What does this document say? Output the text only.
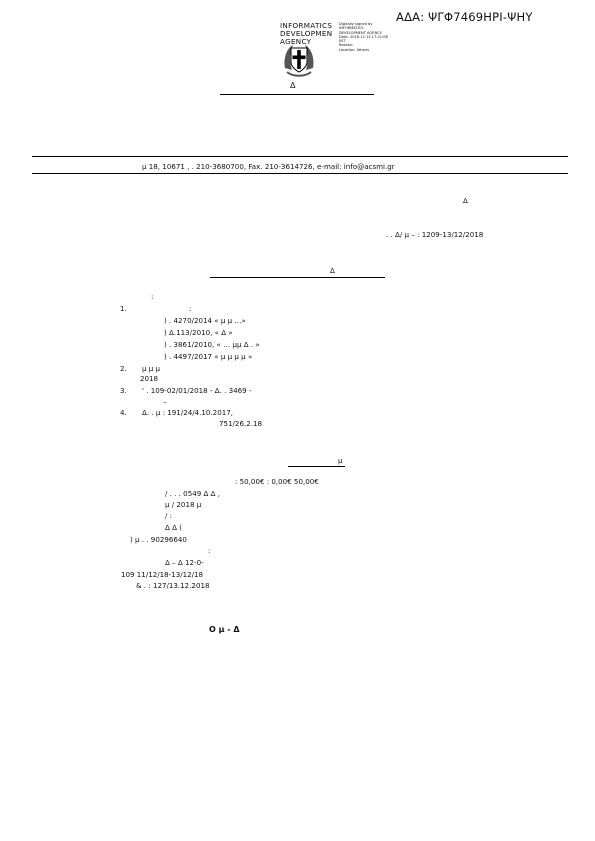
ΑΔΑ: ΨΓΦ7469ΗΡΙ-ΨΗΥ
INFORMATICS
DEVELOPMEN
AGENCY
Digitally signed by
INFORMATICS
DEVELOPMENT AGENCY
Date: 2018.12.13 17:21:06
EET
Reason:
Location: Athens
Δ
μ 18, 10671 , . 210-3680700, Fax. 210-3614726, e-mail: info@acsmi.gr
Δ
. . Δ/ μ – : 1209-13/12/2018
Δ
:
1.	:
) . 4270/2014 « μ μ …»
) Δ.113/2010, « Δ »
) . 3861/2010, « … μμ Δ . »
) . 4497/2017 « μ μ μ μ »
2. μ μ μ
2018
3. ' . 109-02/01/2018 - Δ. . 3469 -
–
4. Δ. . μ : 191/24/4.10.2017,
751/26.2.18
μ
: 50,00€ : 0,00€ 50,00€
/ . . . 0549 Δ Δ ,
μ / 2018 μ
/ :
Δ Δ (
) μ . . 90296640
:
Δ – Δ 12-0-
109 11/12/18-13/12/18
& . : 127/13.12.2018
Ο μ - Δ
